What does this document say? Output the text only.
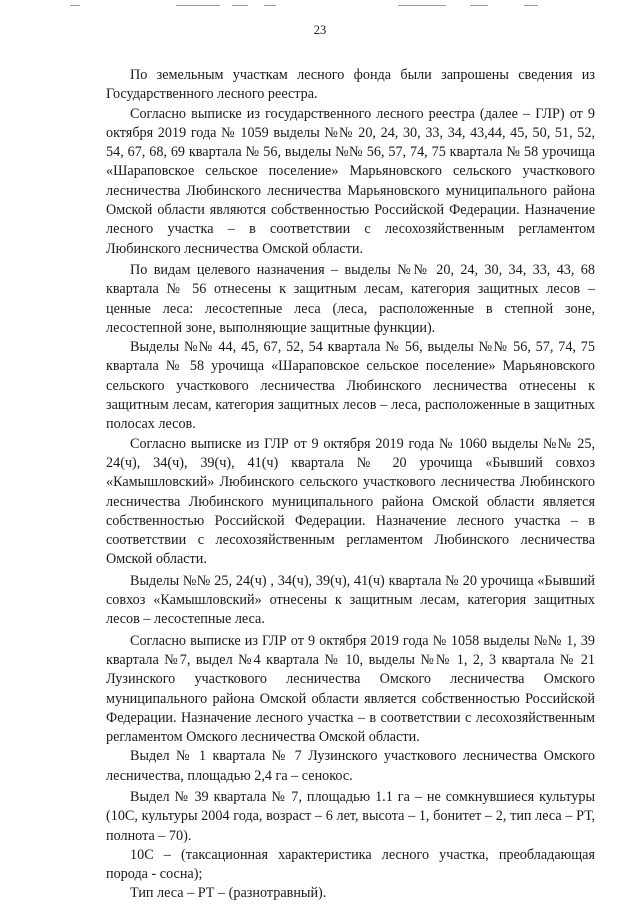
23

По земельным участкам лесного фонда были запрошены сведения из Государственного лесного реестра.

Согласно выписке из государственного лесного реестра (далее – ГЛР) от 9 октября 2019 года № 1059 выделы №№ 20, 24, 30, 33, 34, 43,44, 45, 50, 51, 52, 54, 67, 68, 69 квартала № 56, выделы №№ 56, 57, 74, 75 квартала № 58 урочища «Шараповское сельское поселение» Марьяновского сельского участкового лесничества Любинского лесничества Марьяновского муниципального района Омской области являются собственностью Российской Федерации. Назначение лесного участка – в соответствии с лесохозяйственным регламентом Любинского лесничества Омской области.

По видам целевого назначения – выделы №№ 20, 24, 30, 34, 33, 43, 68 квартала № 56 отнесены к защитным лесам, категория защитных лесов – ценные леса: лесостепные леса (леса, расположенные в степной зоне, лесостепной зоне, выполняющие защитные функции).

Выделы №№ 44, 45, 67, 52, 54 квартала № 56, выделы №№ 56, 57, 74, 75 квартала № 58 урочища «Шараповское сельское поселение» Марьяновского сельского участкового лесничества Любинского лесничества отнесены к защитным лесам, категория защитных лесов – леса, расположенные в защитных полосах лесов.

Согласно выписке из ГЛР от 9 октября 2019 года № 1060 выделы №№ 25, 24(ч), 34(ч), 39(ч), 41(ч) квартала № 20 урочища «Бывший совхоз «Камышловский» Любинского сельского участкового лесничества Любинского лесничества Любинского муниципального района Омской области является собственностью Российской Федерации. Назначение лесного участка – в соответствии с лесохозяйственным регламентом Любинского лесничества Омской области.

Выделы №№ 25, 24(ч) , 34(ч), 39(ч), 41(ч) квартала № 20 урочища «Бывший совхоз «Камышловский» отнесены к защитным лесам, категория защитных лесов – лесостепные леса.

Согласно выписке из ГЛР от 9 октября 2019 года № 1058 выделы №№ 1, 39 квартала №7, выдел №4 квартала № 10, выделы №№ 1, 2, 3 квартала № 21 Лузинского участкового лесничества Омского лесничества Омского муниципального района Омской области является собственностью Российской Федерации. Назначение лесного участка – в соответствии с лесохозяйственным регламентом Омского лесничества Омской области.

Выдел № 1 квартала № 7 Лузинского участкового лесничества Омского лесничества, площадью 2,4 га – сенокос.

Выдел № 39 квартала № 7, площадью 1.1 га – не сомкнувшиеся культуры (10С, культуры 2004 года, возраст – 6 лет, высота – 1, бонитет – 2, тип леса – РТ, полнота – 70).

10С – (таксационная характеристика лесного участка, преобладающая порода - сосна);

Тип леса – РТ – (разнотравный).
